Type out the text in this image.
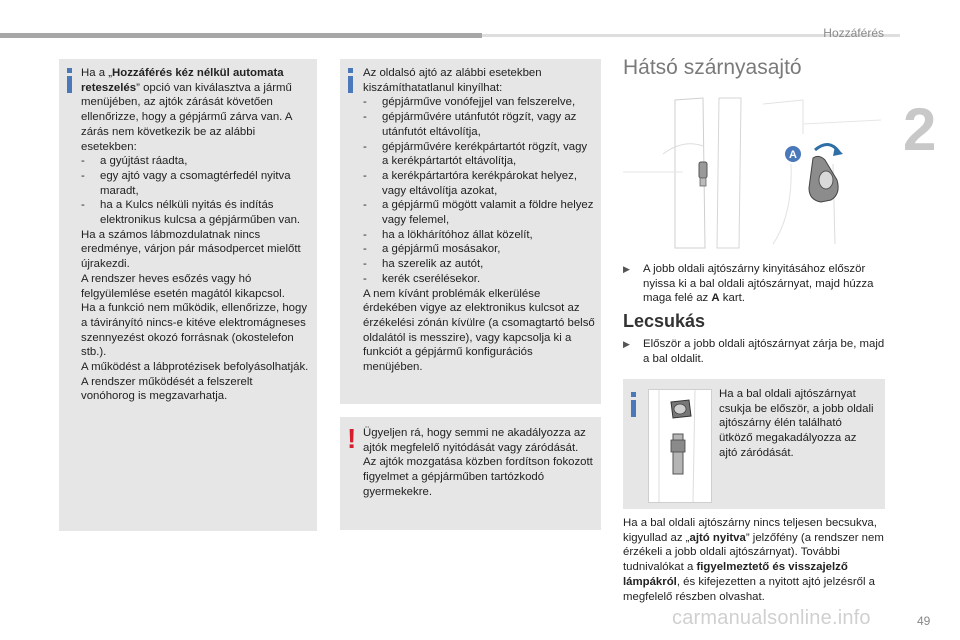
Hozzáférés
2
Ha a „Hozzáférés kéz nélkül automata reteszelés” opció van kiválasztva a jármű menüjében, az ajtók zárását követően ellenőrizze, hogy a gépjármű zárva van. A zárás nem következik be az alábbi esetekben:
- a gyújtást ráadta,
- egy ajtó vagy a csomagtérfedél nyitva maradt,
- ha a Kulcs nélküli nyitás és indítás elektronikus kulcsa a gépjárműben van.
Ha a számos lábmozdulatnak nincs eredménye, várjon pár másodpercet mielőtt újrakezdi.
A rendszer heves esőzés vagy hó felgyülemlése esetén magától kikapcsol.
Ha a funkció nem működik, ellenőrizze, hogy a távirányító nincs-e kitéve elektromágneses szennyezést okozó forrásnak (okostelefon stb.).
A működést a lábprotézisek befolyásolhatják.
A rendszer működését a felszerelt vonóhorog is megzavarhatja.
Az oldalsó ajtó az alábbi esetekben kiszámíthatatlanul kinyílhat:
- gépjárműve vonófejjel van felszerelve,
- gépjárművére utánfutót rögzít, vagy az utánfutót eltávolítja,
- gépjárművére kerékpártartót rögzít, vagy a kerékpártartót eltávolítja,
- a kerékpártartóra kerékpárokat helyez, vagy eltávolítja azokat,
- a gépjármű mögött valamit a földre helyez vagy felemel,
- ha a lökhárítóhoz állat közelít,
- a gépjármű mosásakor,
- ha szerelik az autót,
- kerék cserélésekor.
A nem kívánt problémák elkerülése érdekében vigye az elektronikus kulcsot az érzékelési zónán kívülre (a csomagtartó belső oldalától is messzire), vagy kapcsolja ki a funkciót a gépjármű konfigurációs menüjében.
! Ügyeljen rá, hogy semmi ne akadályozza az ajtók megfelelő nyitódását vagy záródását.
Az ajtók mozgatása közben fordítson fokozott figyelmet a gépjárműben tartózkodó gyermekekre.
Hátsó szárnyasajtó
A
▶	A jobb oldali ajtószárny kinyitásához először nyissa ki a bal oldali ajtószárnyat, majd húzza maga felé az A kart.
Lecsukás
▶	Először a jobb oldali ajtószárnyat zárja be, majd a bal oldalit.
Ha a bal oldali ajtószárnyat csukja be először, a jobb oldali ajtószárny élén található ütköző megakadályozza az ajtó záródását.
Ha a bal oldali ajtószárny nincs teljesen becsukva, kigyullad az „ajtó nyitva” jelzőfény (a rendszer nem érzékeli a jobb oldali ajtószárnyat). További tudnivalókat a figyelmeztető és visszajelző lámpákról, és kifejezetten a nyitott ajtó jelzésről a megfelelő részben olvashat.
carmanualsonline.info	49
